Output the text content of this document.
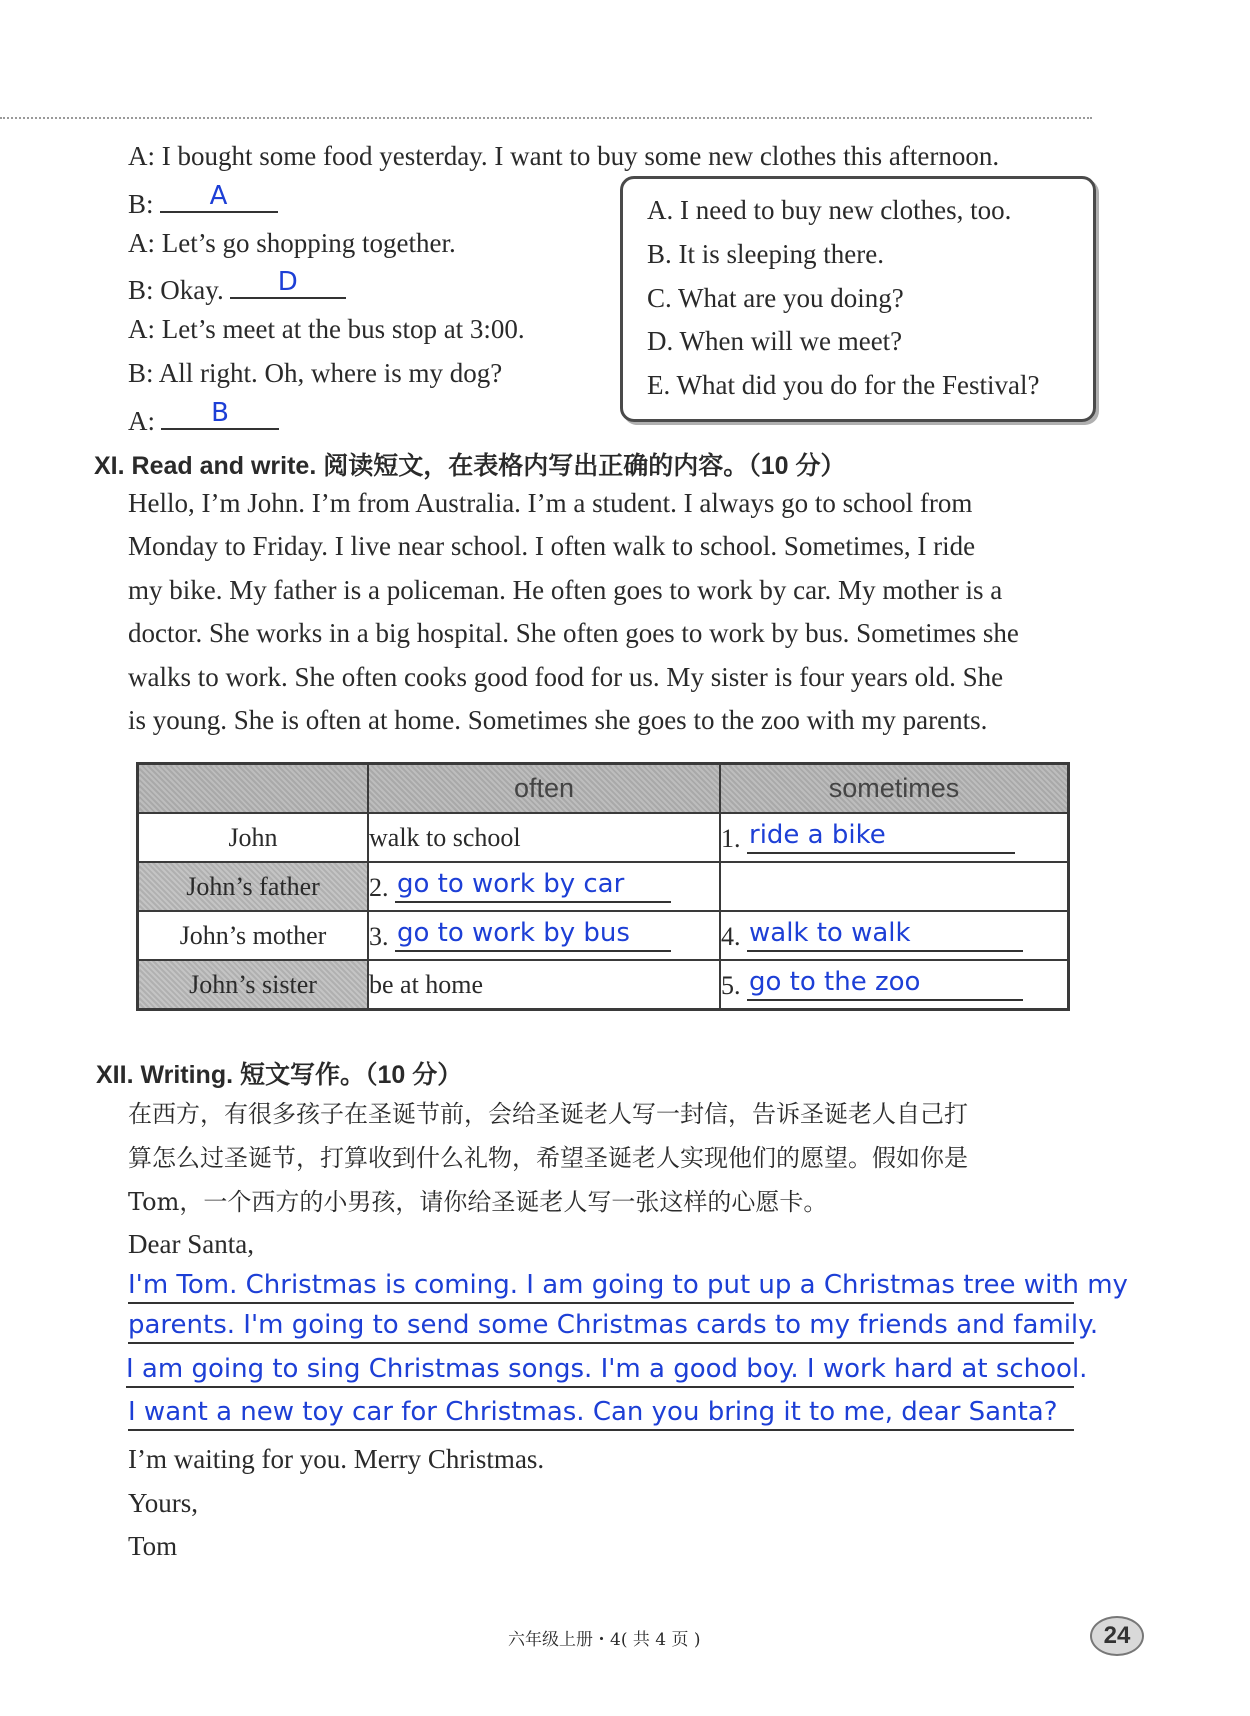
A: I bought some food yesterday. I want to buy some new clothes this afternoon.
B:	A
A: Let’s go shopping together.
B: Okay.	D
A: Let’s meet at the bus stop at 3:00.
B: All right. Oh, where is my dog?
A:	B
A. I need to buy new clothes, too.
B. It is sleeping there.
C. What are you doing?
D. When will we meet?
E. What did you do for the Festival?
XI. Read and write. 阅读短文，在表格内写出正确的内容。（10 分）
Hello, I’m John. I’m from Australia. I’m a student. I always go to school from
Monday to Friday. I live near school. I often walk to school. Sometimes, I ride
my bike. My father is a policeman. He often goes to work by car. My mother is a
doctor. She works in a big hospital. She often goes to work by bus. Sometimes she
walks to work. She often cooks good food for us. My sister is four years old. She
is young. She is often at home. Sometimes she goes to the zoo with my parents.
	often	sometimes
John	walk to school	1. ride a bike

John’s father	2. go to work by car	

John’s mother	3. go to work by bus	4. walk to walk

John’s sister	be at home	5. go to the zoo
XII. Writing. 短文写作。（10 分）
在西方，有很多孩子在圣诞节前，会给圣诞老人写一封信，告诉圣诞老人自己打
算怎么过圣诞节，打算收到什么礼物，希望圣诞老人实现他们的愿望。假如你是
Tom，一个西方的小男孩，请你给圣诞老人写一张这样的心愿卡。
Dear Santa,
I'm Tom. Christmas is coming. I am going to put up a Christmas tree with my
parents. I'm going to send some Christmas cards to my friends and family.
I am going to sing Christmas songs. I'm a good boy. I work hard at school.
I want a new toy car for Christmas. Can you bring it to me, dear Santa?
I’m waiting for you. Merry Christmas.
Yours,
Tom
六年级上册・4( 共 4 页 )	24
